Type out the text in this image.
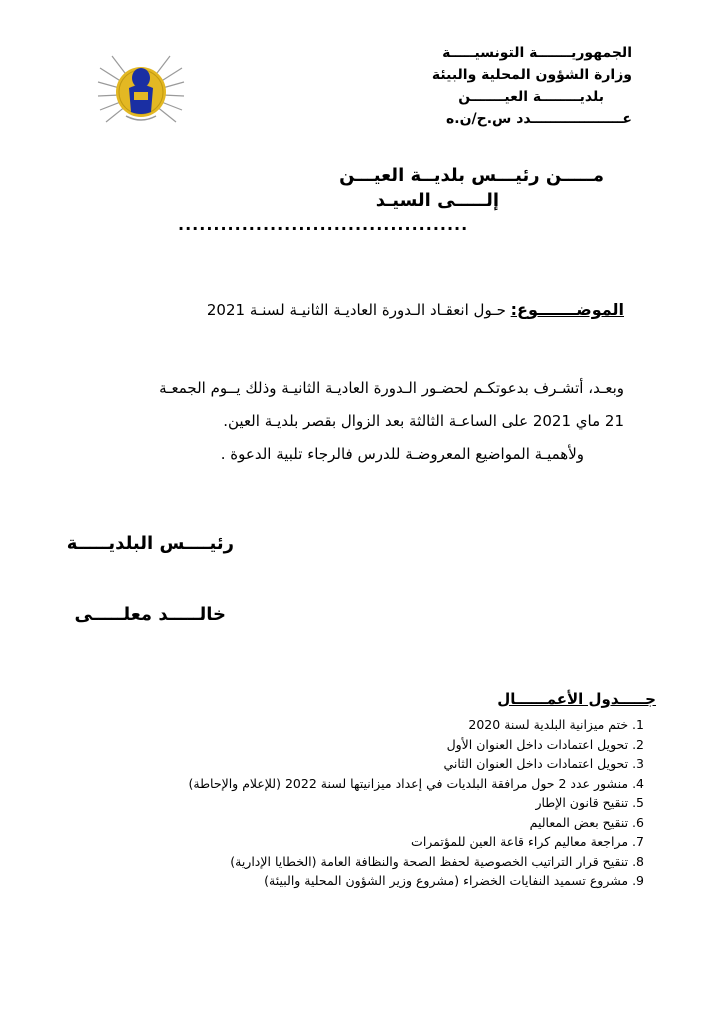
الجمهوريـــــــة التونسيـــــة
وزارة الشؤون المحلية والبيئة
بلديــــــــة العيـــــــن
عـــــــــــــــــــدد س.ح/ن.ه
مـــــن رئيـــس بلديــة العيـــن
إلـــــى السيـد
.........................................
الموضـــــــوع: حـول انعقـاد الـدورة العاديـة الثانيـة لسنـة 2021

وبعـد، أتشـرف بدعوتكـم لحضـور الـدورة العاديـة الثانيـة وذلك يــوم الجمعـة

21 ماي 2021 على الساعـة الثالثة بعد الزوال بقصر بلديـة العين.

ولأهميـة المواضيع المعروضـة للدرس فالرجاء تلبية الدعوة .

رئيــــس البلديـــــة
خالـــــد معلـــــى
جـــــدول الأعمــــــال
1. ختم ميزانية البلدية لسنة 2020
2. تحويل اعتمادات داخل العنوان الأول
3. تحويل اعتمادات داخل العنوان الثاني
4. منشور عدد 2 حول مرافقة البلديات في إعداد ميزانيتها لسنة 2022 (للإعلام والإحاطة)
5. تنقيح قانون الإطار
6. تنقيح بعض المعاليم
7. مراجعة معاليم كراء قاعة العين للمؤتمرات
8. تنقيح قرار التراتيب الخصوصية لحفظ الصحة والنظافة العامة (الخطايا الإدارية)
9. مشروع تسميد النفايات الخضراء (مشروع وزير الشؤون المحلية والبيئة)
